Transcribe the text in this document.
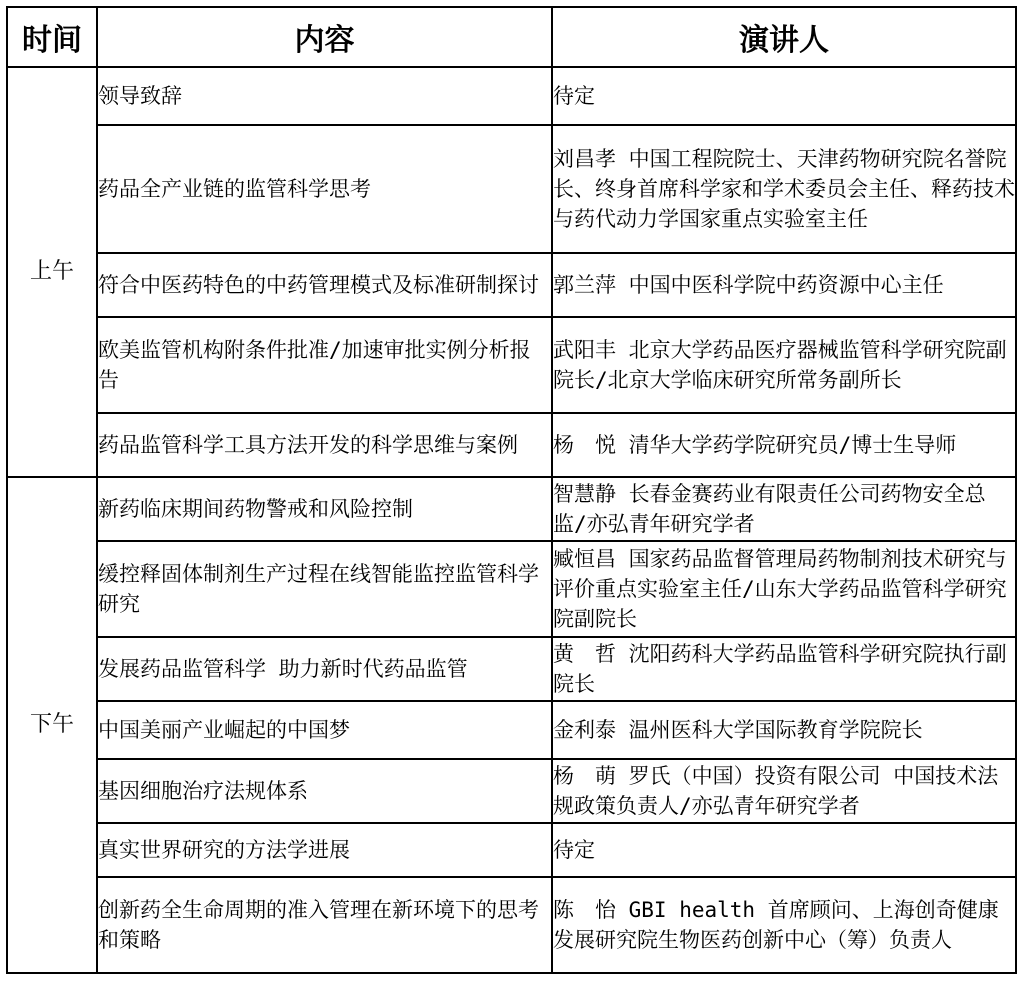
时间	内容	演讲人
上午	领导致辞	待定
	药品全产业链的监管科学思考	刘昌孝 中国工程院院士、天津药物研究院名誉院长、终身首席科学家和学术委员会主任、释药技术与药代动力学国家重点实验室主任
	符合中医药特色的中药管理模式及标准研制探讨	郭兰萍 中国中医科学院中药资源中心主任
	欧美监管机构附条件批准/加速审批实例分析报告	武阳丰 北京大学药品医疗器械监管科学研究院副院长/北京大学临床研究所常务副所长
	药品监管科学工具方法开发的科学思维与案例	杨　悦 清华大学药学院研究员/博士生导师
下午	新药临床期间药物警戒和风险控制	智慧静 长春金赛药业有限责任公司药物安全总监/亦弘青年研究学者
	缓控释固体制剂生产过程在线智能监控监管科学研究	臧恒昌 国家药品监督管理局药物制剂技术研究与评价重点实验室主任/山东大学药品监管科学研究院副院长
	发展药品监管科学 助力新时代药品监管	黄　哲 沈阳药科大学药品监管科学研究院执行副院长
	中国美丽产业崛起的中国梦	金利泰 温州医科大学国际教育学院院长
	基因细胞治疗法规体系	杨　萌 罗氏（中国）投资有限公司 中国技术法规政策负责人/亦弘青年研究学者
	真实世界研究的方法学进展	待定
	创新药全生命周期的准入管理在新环境下的思考和策略	陈　怡 GBI health 首席顾问、上海创奇健康发展研究院生物医药创新中心（筹）负责人
